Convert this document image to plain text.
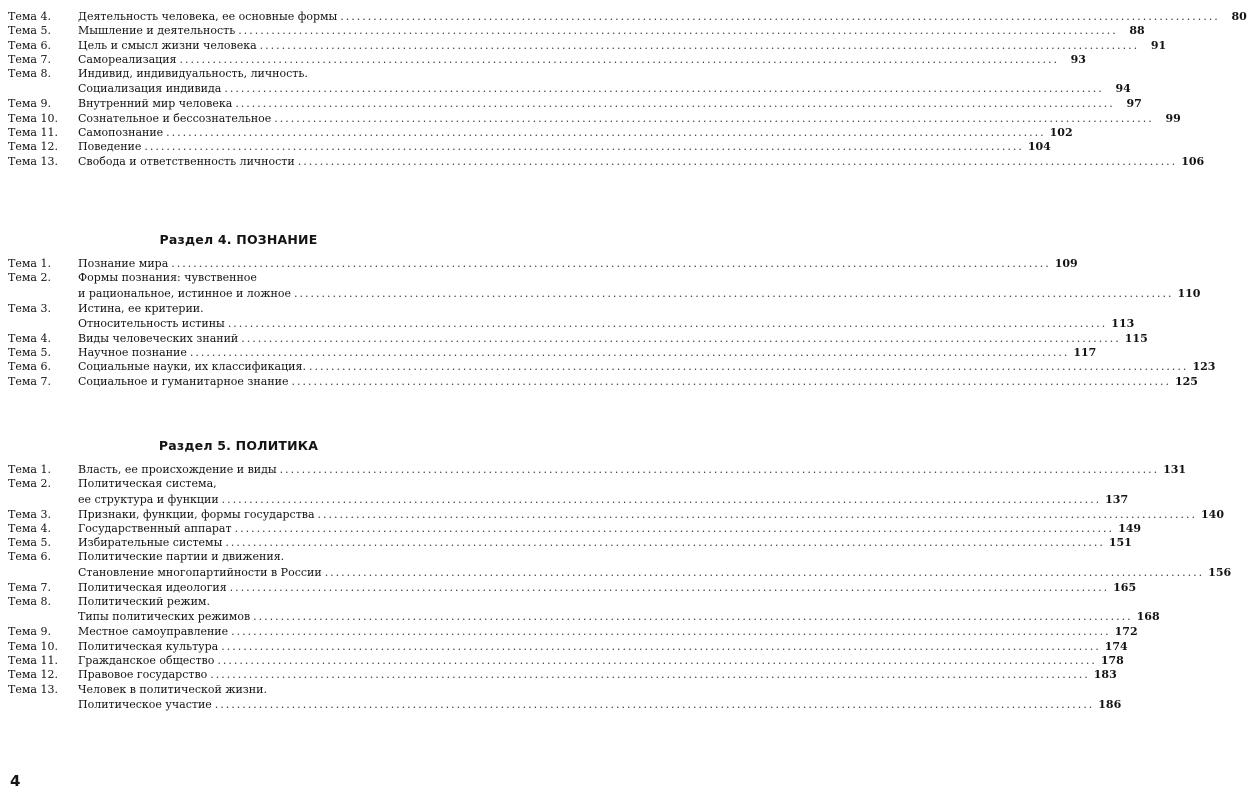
Тема 4.	Деятельность человека, ее основные формы .....	80
Тема 5.	Мышление и деятельность .....	88
Тема 6.	Цель и смысл жизни человека .....	91
Тема 7.	Самореализация .....	93
Тема 8.	Индивид, индивидуальность, личность.
Социализация индивида .....	94
Тема 9.	Внутренний мир человека .....	97
Тема 10.	Сознательное и бессознательное .....	99
Тема 11.	Самопознание .....	102
Тема 12.	Поведение .....	104
Тема 13.	Свобода и ответственность личности .....	106
Раздел 4. ПОЗНАНИЕ
Тема 1.	Познание мира .....	109
Тема 2.	Формы познания: чувственное
и рациональное, истинное и ложное .....	110
Тема 3.	Истина, ее критерии.
Относительность истины .....	113
Тема 4.	Виды человеческих знаний .....	115
Тема 5.	Научное познание .....	117
Тема 6.	Социальные науки, их классификация. .....	123
Тема 7.	Социальное и гуманитарное знание .....	125
Раздел 5. ПОЛИТИКА
Тема 1.	Власть, ее происхождение и виды .....	131
Тема 2.	Политическая система,
ее структура и функции .....	137
Тема 3.	Признаки, функции, формы государства .....	140
Тема 4.	Государственный аппарат .....	149
Тема 5.	Избирательные системы .....	151
Тема 6.	Политические партии и движения.
Становление многопартийности в России .....	156
Тема 7.	Политическая идеология .....	165
Тема 8.	Политический режим.
Типы политических режимов .....	168
Тема 9.	Местное самоуправление .....	172
Тема 10.	Политическая культура .....	174
Тема 11.	Гражданское общество .....	178
Тема 12.	Правовое государство .....	183
Тема 13.	Человек в политической жизни.
Политическое участие .....	186
4
